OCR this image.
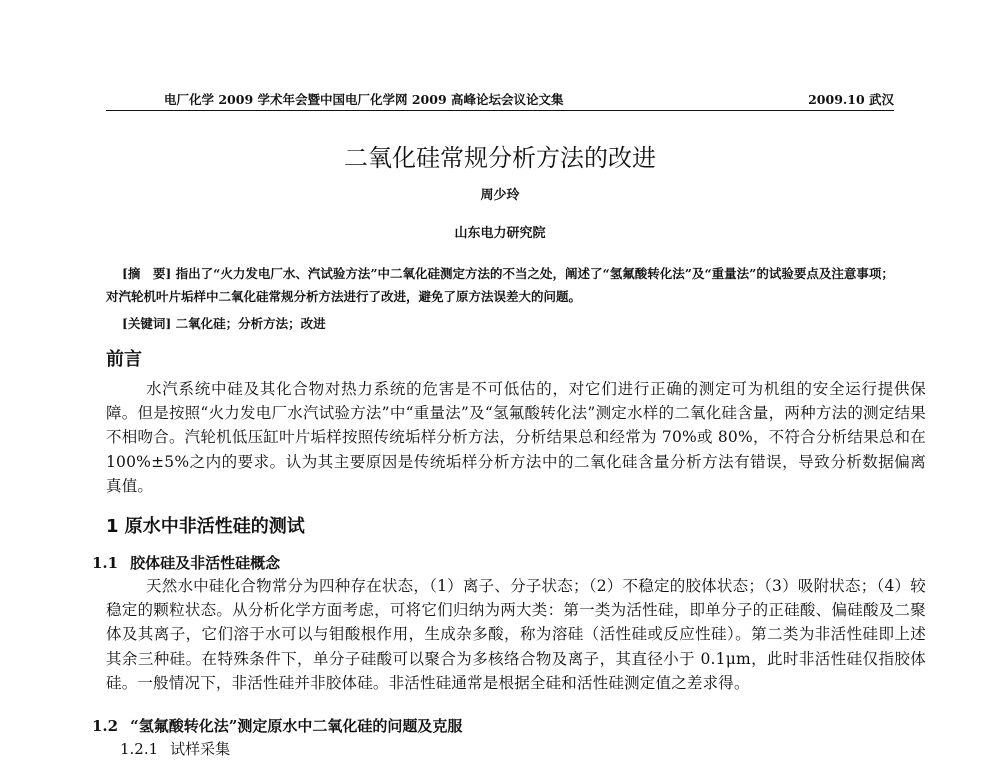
电厂化学 2009 学术年会暨中国电厂化学网 2009 高峰论坛会议论文集	2009.10 武汉
二氧化硅常规分析方法的改进
周少玲
山东电力研究院
[摘　要] 指出了“火力发电厂水、汽试验方法”中二氧化硅测定方法的不当之处，阐述了“氢氟酸转化法”及“重量法”的试验要点及注意事项；对汽轮机叶片垢样中二氧化硅常规分析方法进行了改进，避免了原方法误差大的问题。
[关键词] 二氧化硅；分析方法；改进
前言
水汽系统中硅及其化合物对热力系统的危害是不可低估的，对它们进行正确的测定可为机组的安全运行提供保障。但是按照“火力发电厂水汽试验方法”中“重量法”及“氢氟酸转化法”测定水样的二氧化硅含量，两种方法的测定结果不相吻合。汽轮机低压缸叶片垢样按照传统垢样分析方法，分析结果总和经常为 70%或 80%，不符合分析结果总和在 100%±5%之内的要求。认为其主要原因是传统垢样分析方法中的二氧化硅含量分析方法有错误，导致分析数据偏离真值。
1 原水中非活性硅的测试
1.1 胶体硅及非活性硅概念
天然水中硅化合物常分为四种存在状态，（1）离子、分子状态；（2）不稳定的胶体状态；（3）吸附状态；（4）较稳定的颗粒状态。从分析化学方面考虑，可将它们归纳为两大类：第一类为活性硅，即单分子的正硅酸、偏硅酸及二聚体及其离子，它们溶于水可以与钼酸根作用，生成杂多酸，称为溶硅（活性硅或反应性硅）。第二类为非活性硅即上述其余三种硅。在特殊条件下，单分子硅酸可以聚合为多核络合物及离子，其直径小于 0.1μm，此时非活性硅仅指胶体硅。一般情况下，非活性硅并非胶体硅。非活性硅通常是根据全硅和活性硅测定值之差求得。
1.2 “氢氟酸转化法”测定原水中二氧化硅的问题及克服
1.2.1 试样采集
